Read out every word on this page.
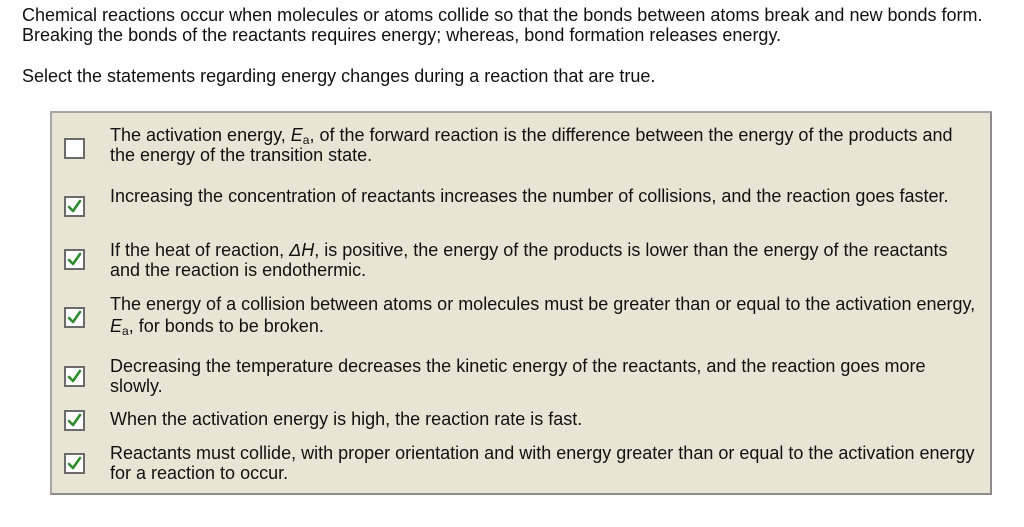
Chemical reactions occur when molecules or atoms collide so that the bonds between atoms break and new bonds form. Breaking the bonds of the reactants requires energy; whereas, bond formation releases energy.

Select the statements regarding energy changes during a reaction that are true.

The activation energy, $E_a$, of the forward reaction is the difference between the energy of the products and the energy of the transition state.

Increasing the concentration of reactants increases the number of collisions, and the reaction goes faster.

If the heat of reaction, ΔH, is positive, the energy of the products is lower than the energy of the reactants and the reaction is endothermic.

The energy of a collision between atoms or molecules must be greater than or equal to the activation energy, $E_a$, for bonds to be broken.

Decreasing the temperature decreases the kinetic energy of the reactants, and the reaction goes more slowly.

When the activation energy is high, the reaction rate is fast.

Reactants must collide, with proper orientation and with energy greater than or equal to the activation energy for a reaction to occur.
